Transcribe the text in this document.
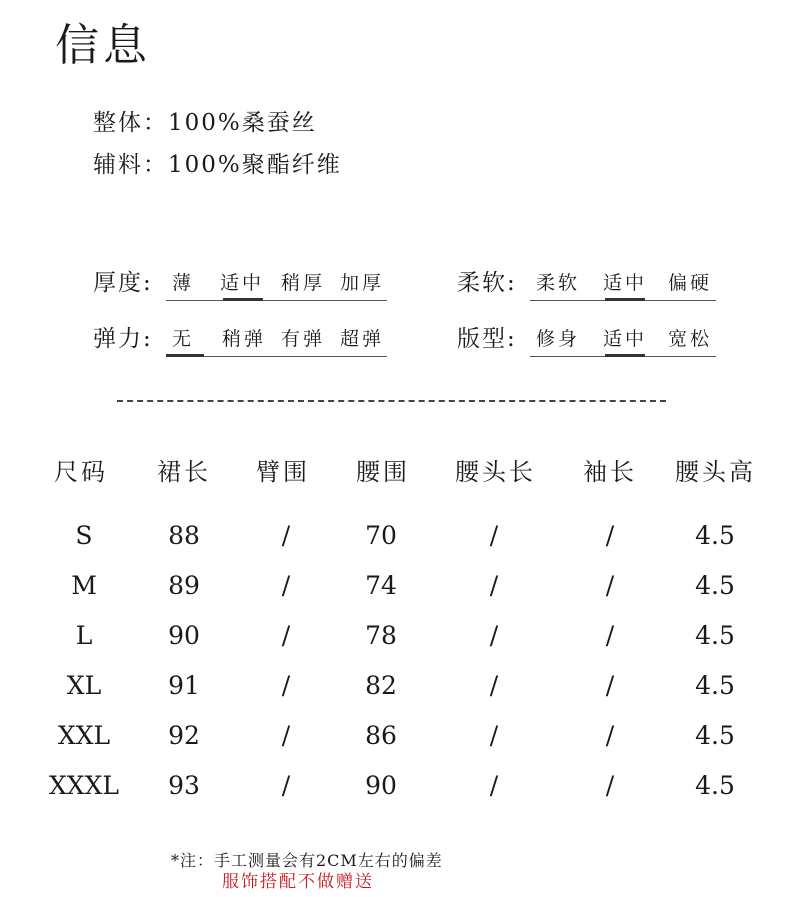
信息
整体：100%桑蚕丝
辅料：100%聚酯纤维
厚度: 薄 适中 稍厚 加厚	柔软: 柔软 适中 偏硬
弹力: 无 稍弹 有弹 超弹	版型: 修身 适中 宽松
尺码 裙长 臂围 腰围 腰头长 袖长 腰头高
S	88	/	70	/	/	4.5
M	89	/	74	/	/	4.5
L	90	/	78	/	/	4.5
XL	91	/	82	/	/	4.5
XXL	92	/	86	/	/	4.5
XXXL	93	/	90	/	/	4.5
*注：手工测量会有2CM左右的偏差
服饰搭配不做赠送
